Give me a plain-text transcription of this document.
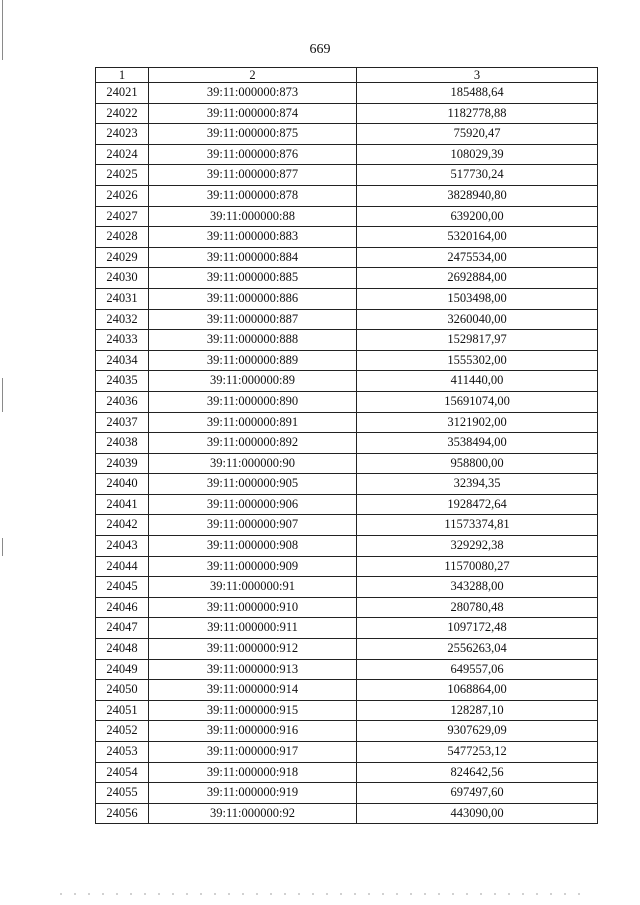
669
1	2	3
24021	39:11:000000:873	185488,64
24022	39:11:000000:874	1182778,88
24023	39:11:000000:875	75920,47
24024	39:11:000000:876	108029,39
24025	39:11:000000:877	517730,24
24026	39:11:000000:878	3828940,80
24027	39:11:000000:88	639200,00
24028	39:11:000000:883	5320164,00
24029	39:11:000000:884	2475534,00
24030	39:11:000000:885	2692884,00
24031	39:11:000000:886	1503498,00
24032	39:11:000000:887	3260040,00
24033	39:11:000000:888	1529817,97
24034	39:11:000000:889	1555302,00
24035	39:11:000000:89	411440,00
24036	39:11:000000:890	15691074,00
24037	39:11:000000:891	3121902,00
24038	39:11:000000:892	3538494,00
24039	39:11:000000:90	958800,00
24040	39:11:000000:905	32394,35
24041	39:11:000000:906	1928472,64
24042	39:11:000000:907	11573374,81
24043	39:11:000000:908	329292,38
24044	39:11:000000:909	11570080,27
24045	39:11:000000:91	343288,00
24046	39:11:000000:910	280780,48
24047	39:11:000000:911	1097172,48
24048	39:11:000000:912	2556263,04
24049	39:11:000000:913	649557,06
24050	39:11:000000:914	1068864,00
24051	39:11:000000:915	128287,10
24052	39:11:000000:916	9307629,09
24053	39:11:000000:917	5477253,12
24054	39:11:000000:918	824642,56
24055	39:11:000000:919	697497,60
24056	39:11:000000:92	443090,00
